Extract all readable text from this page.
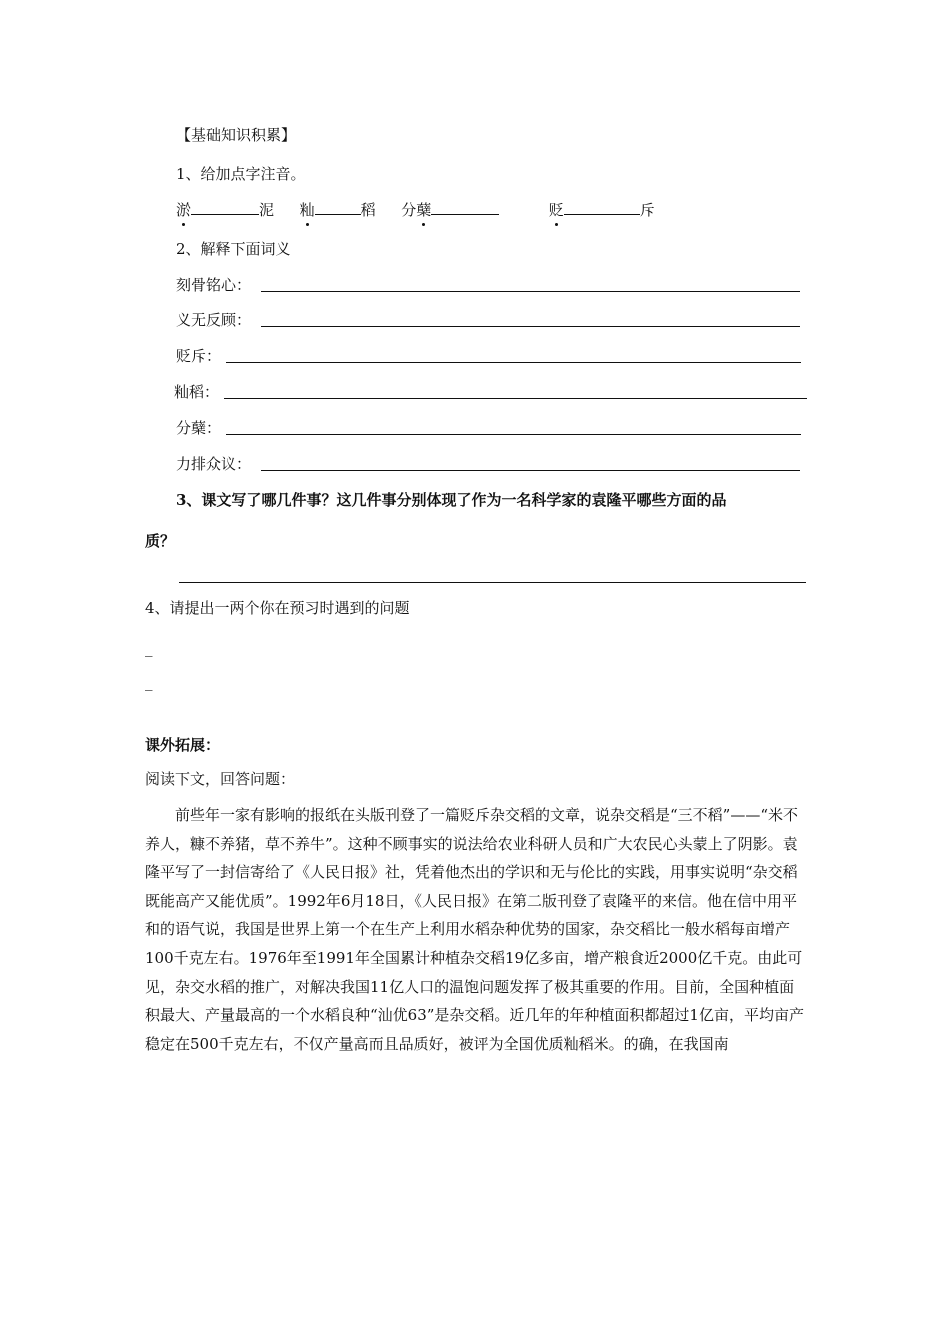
【基础知识积累】
1、给加点字注音。
淤	泥 籼	稻 分蘖	贬	斥
2、解释下面词义
刻骨铭心：
义无反顾：
贬斥：
籼稻：
分蘖：
力排众议：
3、课文写了哪几件事？这几件事分别体现了作为一名科学家的袁隆平哪些方面的品
质？
4、请提出一两个你在预习时遇到的问题
_
_
课外拓展：
阅读下文，回答问题：
前些年一家有影响的报纸在头版刊登了一篇贬斥杂交稻的文章，说杂交稻是“三不稻”——“米不养人，糠不养猪，草不养牛”。这种不顾事实的说法给农业科研人员和广大农民心头蒙上了阴影。袁隆平写了一封信寄给了《人民日报》社，凭着他杰出的学识和无与伦比的实践，用事实说明“杂交稻既能高产又能优质”。1992年6月18日，《人民日报》在第二版刊登了袁隆平的来信。他在信中用平和的语气说，我国是世界上第一个在生产上利用水稻杂种优势的国家，杂交稻比一般水稻每亩增产100千克左右。1976年至1991年全国累计种植杂交稻19亿多亩，增产粮食近2000亿千克。由此可见，杂交水稻的推广，对解决我国11亿人口的温饱问题发挥了极其重要的作用。目前，全国种植面积最大、产量最高的一个水稻良种“汕优63”是杂交稻。近几年的年种植面积都超过1亿亩，平均亩产稳定在500千克左右，不仅产量高而且品质好，被评为全国优质籼稻米。的确，在我国南
